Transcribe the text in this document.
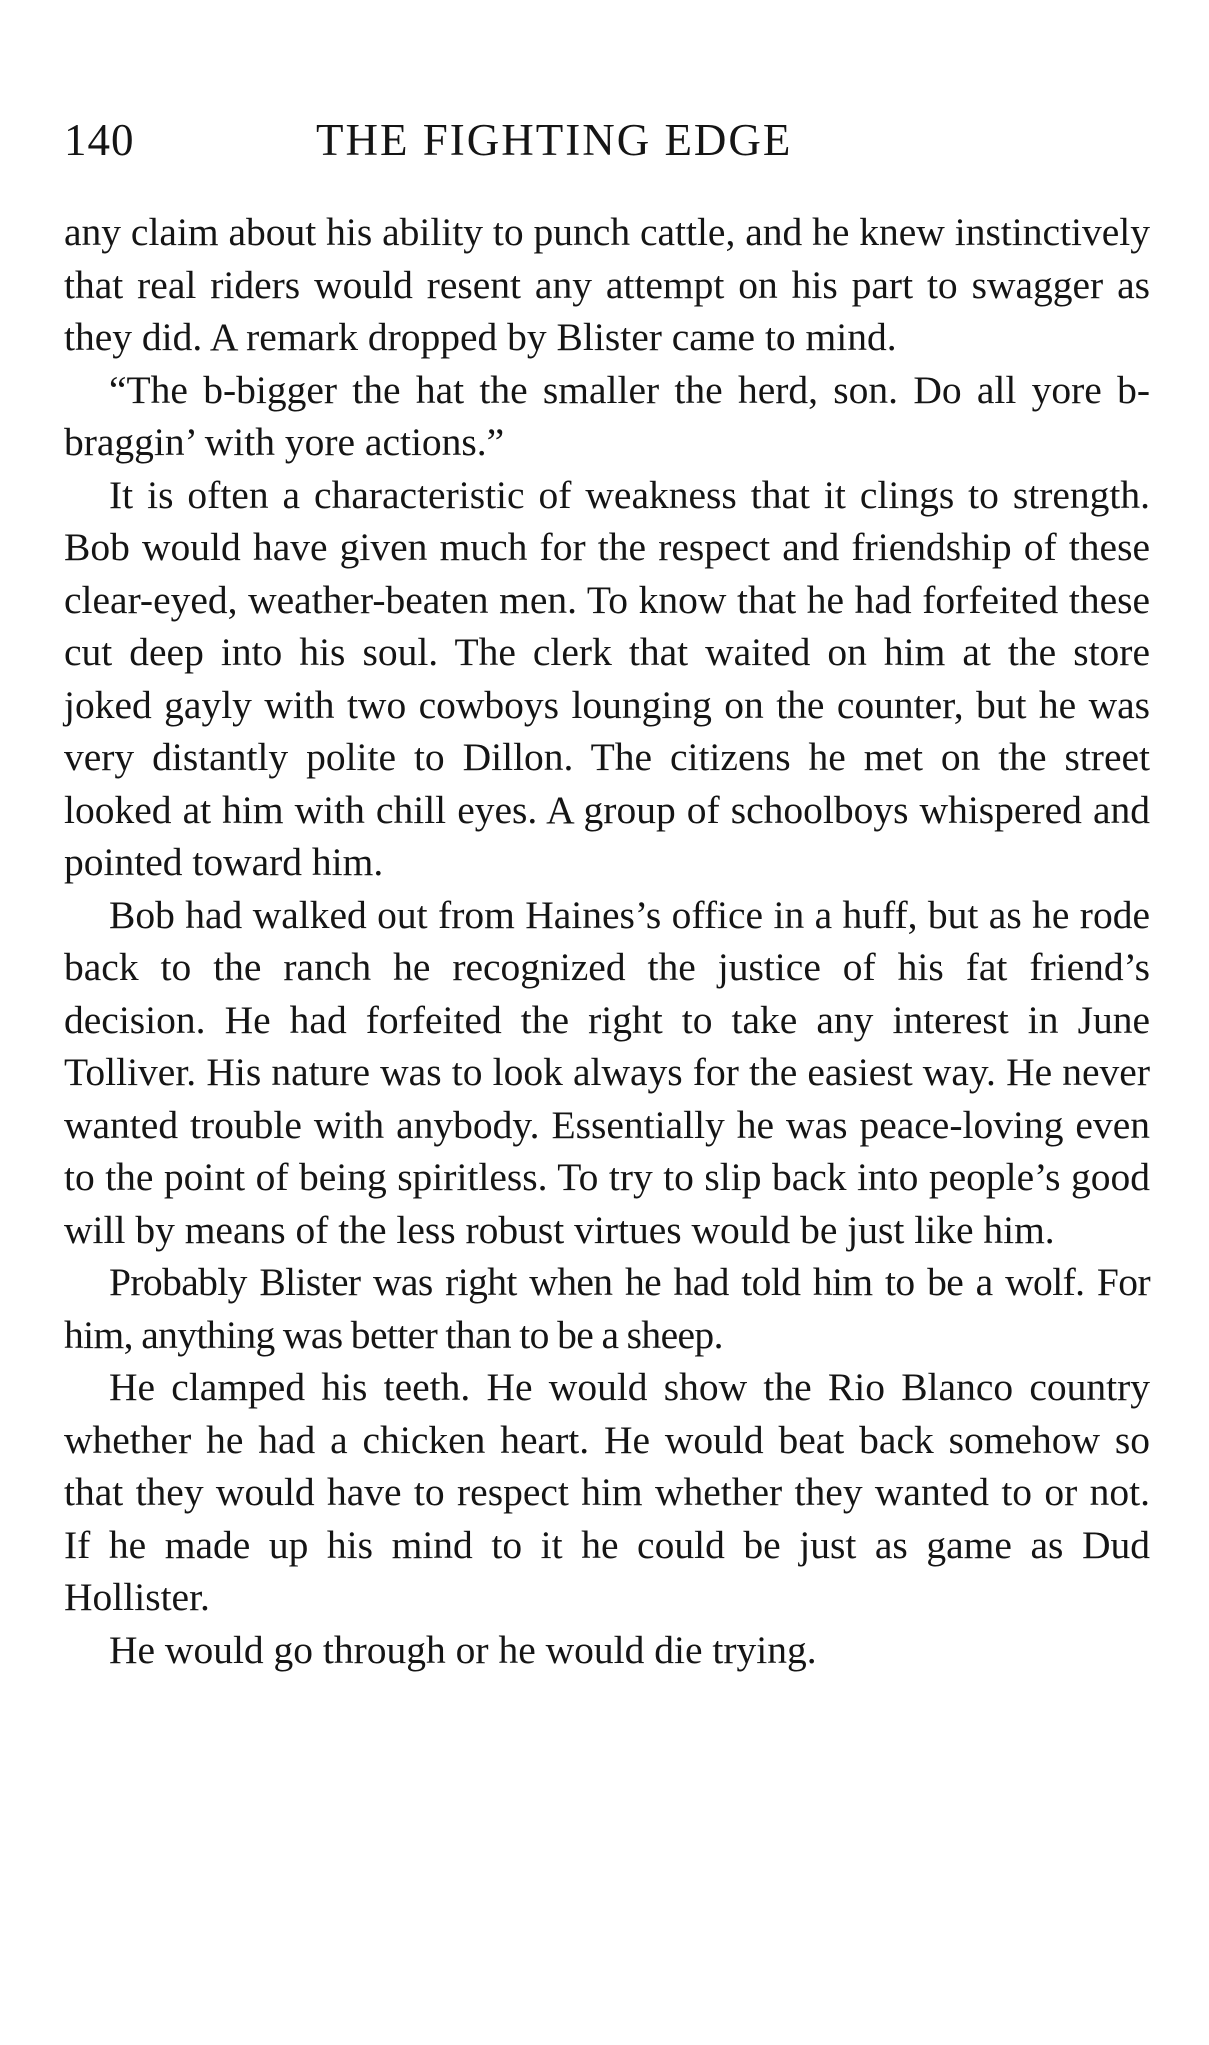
140	THE FIGHTING EDGE

any claim about his ability to punch cattle, and he knew instinctively that real riders would resent any attempt on his part to swagger as they did. A remark dropped by Blister came to mind.

“The b-bigger the hat the smaller the herd, son. Do all yore b-braggin’ with yore actions.”

It is often a characteristic of weakness that it clings to strength. Bob would have given much for the respect and friendship of these clear-eyed, weather-beaten men. To know that he had forfeited these cut deep into his soul. The clerk that waited on him at the store joked gayly with two cowboys lounging on the counter, but he was very distantly polite to Dillon. The citizens he met on the street looked at him with chill eyes. A group of schoolboys whispered and pointed toward him.

Bob had walked out from Haines’s office in a huff, but as he rode back to the ranch he recognized the justice of his fat friend’s decision. He had forfeited the right to take any interest in June Tolliver. His nature was to look always for the easiest way. He never wanted trouble with anybody. Essentially he was peace-loving even to the point of being spiritless. To try to slip back into people’s good will by means of the less robust virtues would be just like him.

Probably Blister was right when he had told him to be a wolf. For him, anything was better than to be a sheep.

He clamped his teeth. He would show the Rio Blanco country whether he had a chicken heart. He would beat back somehow so that they would have to respect him whether they wanted to or not. If he made up his mind to it he could be just as game as Dud Hollister.

He would go through or he would die trying.
